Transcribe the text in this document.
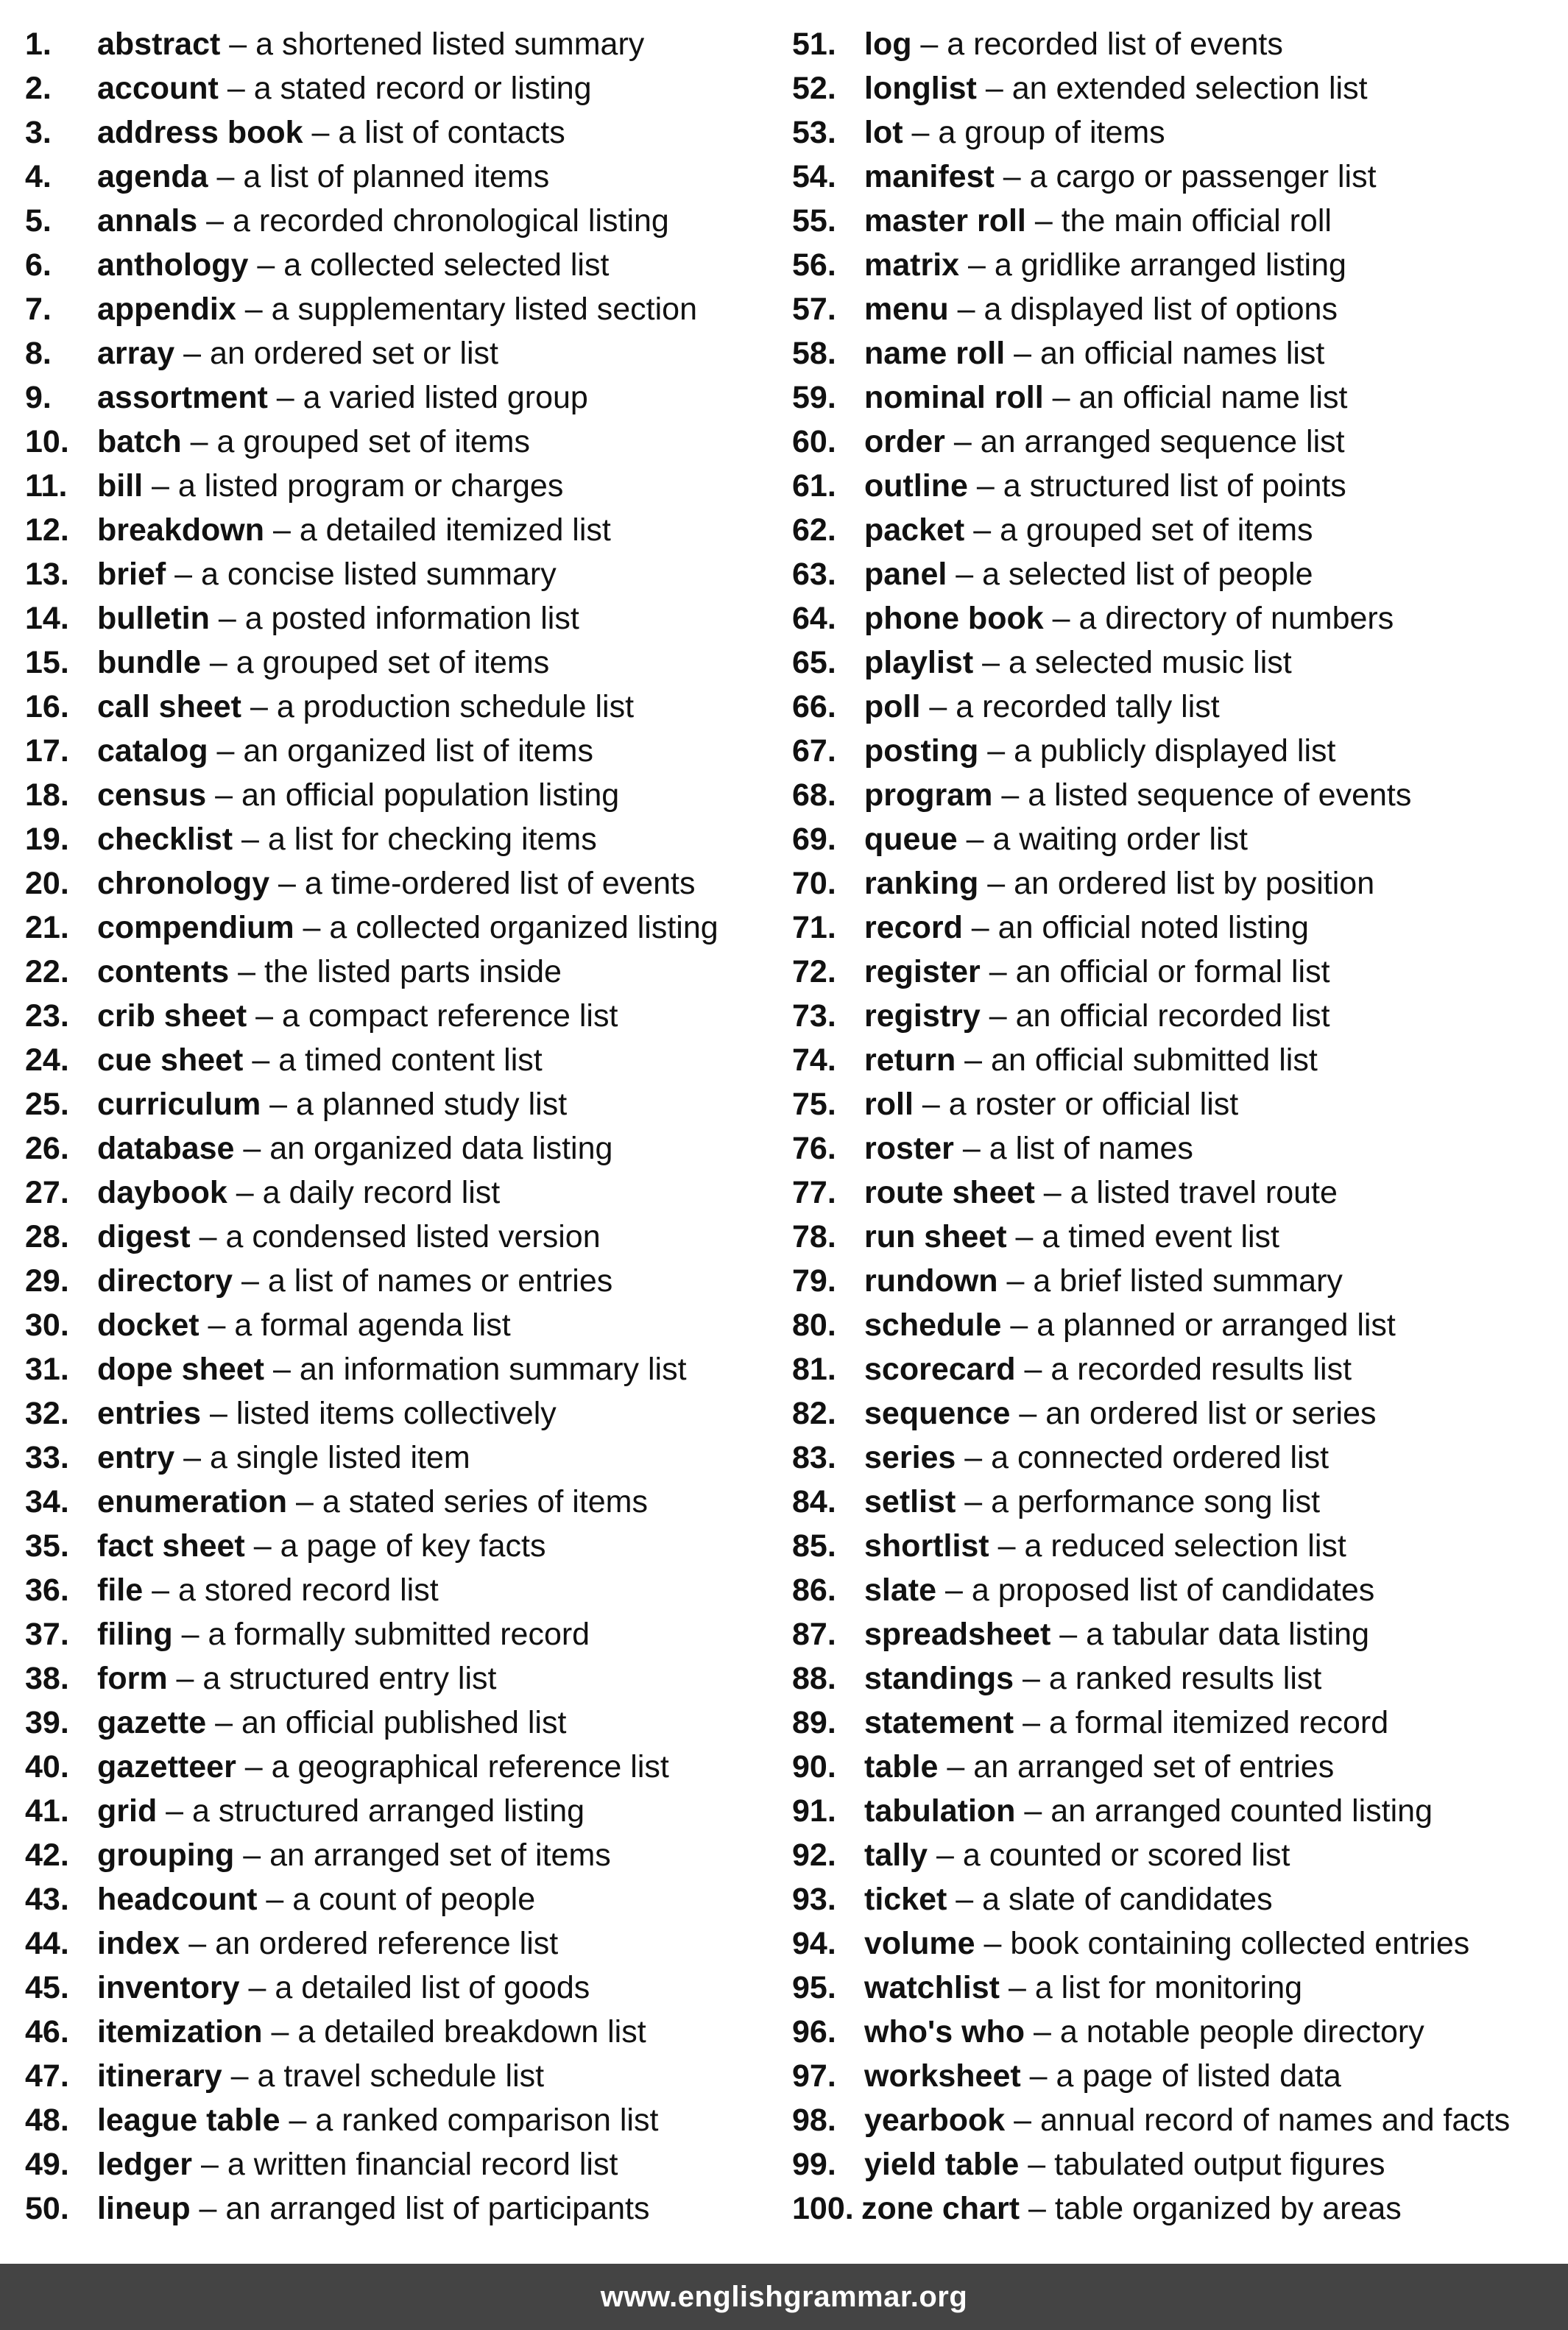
1.	abstract – a shortened listed summary
2.	account – a stated record or listing
3.	address book – a list of contacts
4.	agenda – a list of planned items
5.	annals – a recorded chronological listing
6.	anthology – a collected selected list
7.	appendix – a supplementary listed section
8.	array – an ordered set or list
9.	assortment – a varied listed group
10. batch – a grouped set of items
11. bill – a listed program or charges
12. breakdown – a detailed itemized list
13. brief – a concise listed summary
14. bulletin – a posted information list
15. bundle – a grouped set of items
16. call sheet – a production schedule list
17. catalog – an organized list of items
18. census – an official population listing
19. checklist – a list for checking items
20. chronology – a time-ordered list of events
21. compendium – a collected organized listing
22. contents – the listed parts inside
23. crib sheet – a compact reference list
24. cue sheet – a timed content list
25. curriculum – a planned study list
26. database – an organized data listing
27. daybook – a daily record list
28. digest – a condensed listed version
29. directory – a list of names or entries
30. docket – a formal agenda list
31. dope sheet – an information summary list
32. entries – listed items collectively
33. entry – a single listed item
34. enumeration – a stated series of items
35. fact sheet – a page of key facts
36. file – a stored record list
37. filing – a formally submitted record
38. form – a structured entry list
39. gazette – an official published list
40. gazetteer – a geographical reference list
41. grid – a structured arranged listing
42. grouping – an arranged set of items
43. headcount – a count of people
44. index – an ordered reference list
45. inventory – a detailed list of goods
46. itemization – a detailed breakdown list
47. itinerary – a travel schedule list
48. league table – a ranked comparison list
49. ledger – a written financial record list
50. lineup – an arranged list of participants
51. log – a recorded list of events
52. longlist – an extended selection list
53. lot – a group of items
54. manifest – a cargo or passenger list
55. master roll – the main official roll
56. matrix – a gridlike arranged listing
57. menu – a displayed list of options
58. name roll – an official names list
59. nominal roll – an official name list
60. order – an arranged sequence list
61. outline – a structured list of points
62. packet – a grouped set of items
63. panel – a selected list of people
64. phone book – a directory of numbers
65. playlist – a selected music list
66. poll – a recorded tally list
67. posting – a publicly displayed list
68. program – a listed sequence of events
69. queue – a waiting order list
70. ranking – an ordered list by position
71. record – an official noted listing
72. register – an official or formal list
73. registry – an official recorded list
74. return – an official submitted list
75. roll – a roster or official list
76. roster – a list of names
77. route sheet – a listed travel route
78. run sheet – a timed event list
79. rundown – a brief listed summary
80. schedule – a planned or arranged list
81. scorecard – a recorded results list
82. sequence – an ordered list or series
83. series – a connected ordered list
84. setlist – a performance song list
85. shortlist – a reduced selection list
86. slate – a proposed list of candidates
87. spreadsheet – a tabular data listing
88. standings – a ranked results list
89. statement – a formal itemized record
90. table – an arranged set of entries
91. tabulation – an arranged counted listing
92. tally – a counted or scored list
93. ticket – a slate of candidates
94. volume – book containing collected entries
95. watchlist – a list for monitoring
96. who's who – a notable people directory
97. worksheet – a page of listed data
98. yearbook – annual record of names and facts
99. yield table – tabulated output figures
100. zone chart – table organized by areas
www.englishgrammar.org
